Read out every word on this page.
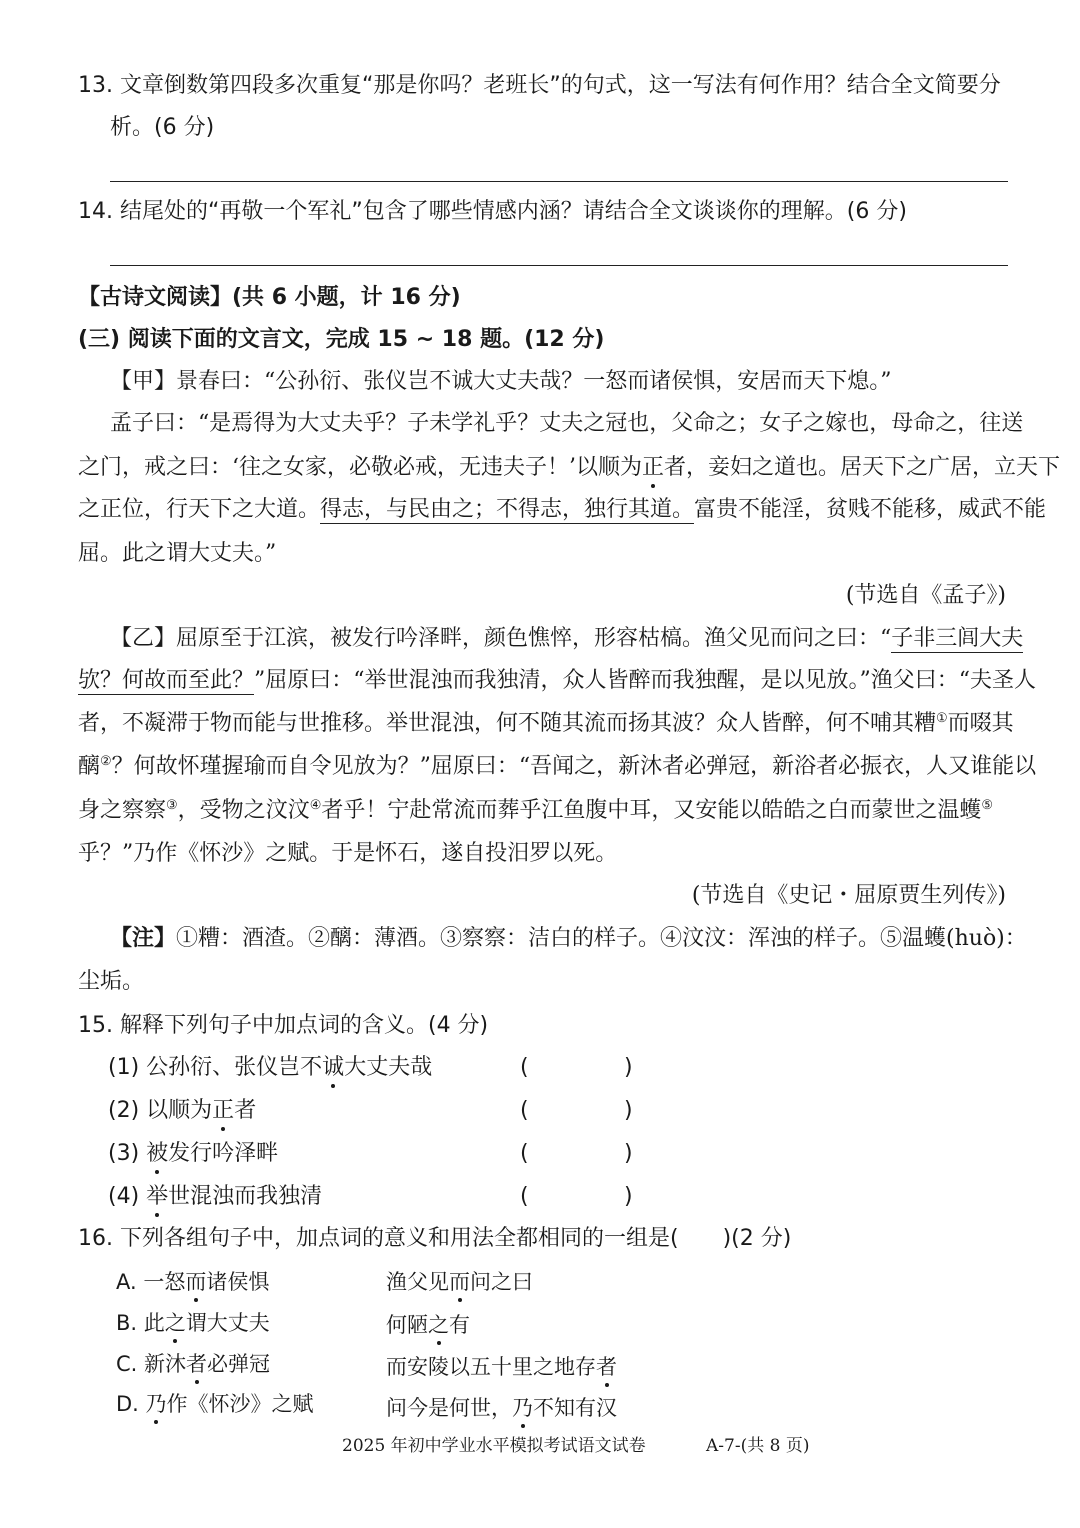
13. 文章倒数第四段多次重复“那是你吗？老班长”的句式，这一写法有何作用？结合全文简要分
析。(6 分)
14. 结尾处的“再敬一个军礼”包含了哪些情感内涵？请结合全文谈谈你的理解。(6 分)
【古诗文阅读】(共 6 小题，计 16 分)
(三) 阅读下面的文言文，完成 15 ~ 18 题。(12 分)
【甲】景春曰：“公孙衍、张仪岂不诚大丈夫哉？一怒而诸侯惧，安居而天下熄。”
孟子曰：“是焉得为大丈夫乎？子未学礼乎？丈夫之冠也，父命之；女子之嫁也，母命之，往送
之门，戒之曰：‘往之女家，必敬必戒，无违夫子！’以顺为正者，妾妇之道也。居天下之广居，立天下
之正位，行天下之大道。得志，与民由之；不得志，独行其道。富贵不能淫，贫贱不能移，威武不能
屈。此之谓大丈夫。”
(节选自《孟子》)
【乙】屈原至于江滨，被发行吟泽畔，颜色憔悴，形容枯槁。渔父见而问之曰：“子非三闾大夫
欤？何故而至此？”屈原曰：“举世混浊而我独清，众人皆醉而我独醒，是以见放。”渔父曰：“夫圣人
者，不凝滞于物而能与世推移。举世混浊，何不随其流而扬其波？众人皆醉，何不哺其糟①而啜其
醨②？何故怀瑾握瑜而自令见放为？”屈原曰：“吾闻之，新沐者必弹冠，新浴者必振衣，人又谁能以
身之察察③，受物之汶汶④者乎！宁赴常流而葬乎江鱼腹中耳，又安能以皓皓之白而蒙世之温蠖⑤
乎？”乃作《怀沙》之赋。于是怀石，遂自投汨罗以死。
(节选自《史记・屈原贾生列传》)
【注】①糟：酒渣。②醨：薄酒。③察察：洁白的样子。④汶汶：浑浊的样子。⑤温蠖(huò)：
尘垢。
15. 解释下列句子中加点词的含义。(4 分)
(1) 公孙衍、张仪岂不诚大丈夫哉	(	)
(2) 以顺为正者	(	)
(3) 被发行吟泽畔	(	)
(4) 举世混浊而我独清	(	)
16. 下列各组句子中，加点词的意义和用法全都相同的一组是(　　)(2 分)
A. 一怒而诸侯惧	渔父见而问之曰
B. 此之谓大丈夫	何陋之有
C. 新沐者必弹冠	而安陵以五十里之地存者
D. 乃作《怀沙》之赋	问今是何世，乃不知有汉
2025 年初中学业水平模拟考试语文试卷	A-7-(共 8 页)
